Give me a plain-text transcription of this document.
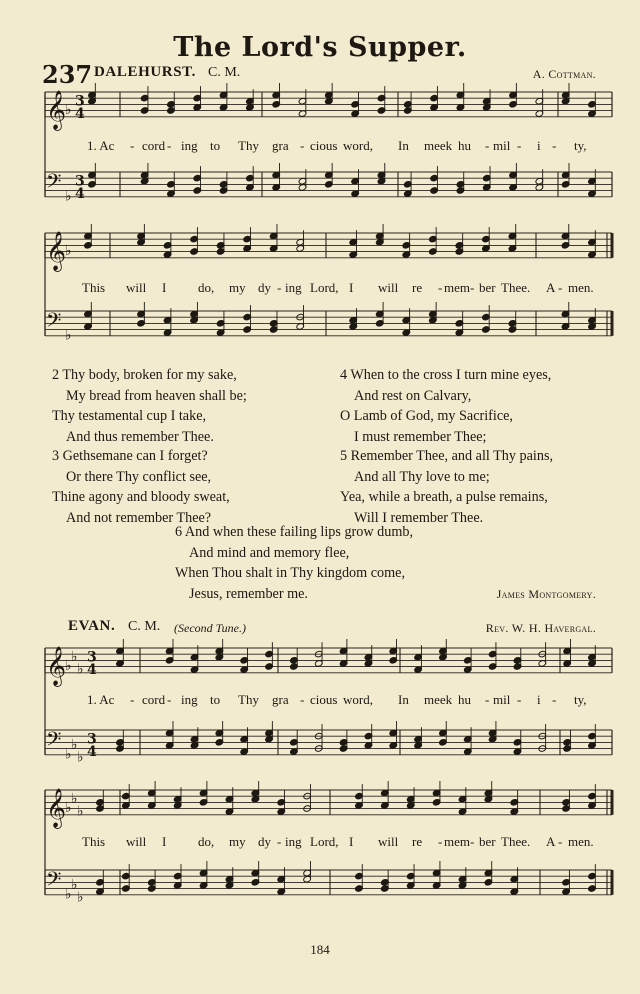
The Lord's Supper.
237 DALEHURST. C. M.	A. Cottman.
𝄞
♭
3
4
𝄢 ♭
3
4
𝄞
♭
𝄢 ♭
𝄞
♭
♭
♭
3
4
𝄢 ♭
♭
♭
3
4
𝄞
♭
♭
♭
𝄢 ♭
♭
♭
1. Ac - cord - ing to Thy gra - cious word, In meek hu - mil - i - ty,
This will I do, my dy - ing Lord, I will re - mem - ber Thee. A - men.
2 Thy body, broken for my sake,
My bread from heaven shall be;
Thy testamental cup I take,
And thus remember Thee.
3 Gethsemane can I forget?
Or there Thy conflict see,
Thine agony and bloody sweat,
And not remember Thee?
4 When to the cross I turn mine eyes,
And rest on Calvary,
O Lamb of God, my Sacrifice,
I must remember Thee;
5 Remember Thee, and all Thy pains,
And all Thy love to me;
Yea, while a breath, a pulse remains,
Will I remember Thee.
6 And when these failing lips grow dumb,
And mind and memory flee,
When Thou shalt in Thy kingdom come,
Jesus, remember me.	James Montgomery.
EVAN. C. M. (Second Tune.)	Rev. W. H. Havergal.
1. Ac - cord - ing to Thy gra - cious word, In meek hu - mil - i - ty,
This will I do, my dy - ing Lord, I will re - mem - ber Thee. A - men.
184
